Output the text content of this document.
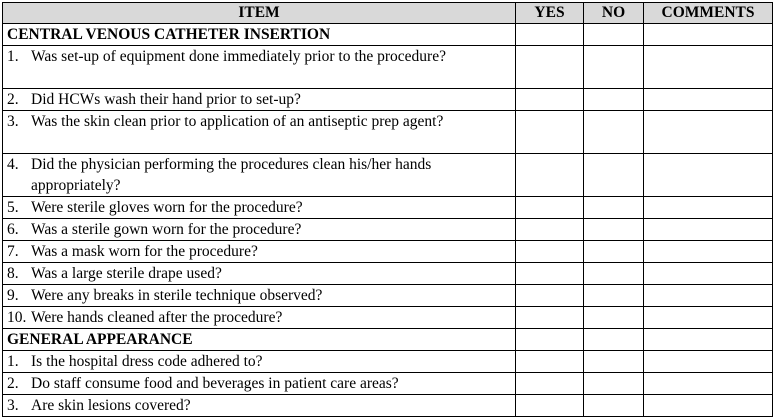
ITEM	YES	NO	COMMENTS
CENTRAL VENOUS CATHETER INSERTION			

1. Was set-up of equipment done immediately prior to the procedure?			

2. Did HCWs wash their hand prior to set-up?			

3. Was the skin clean prior to application of an antiseptic prep agent?			

4. Did the physician performing the procedures clean his/her hands appropriately?			

5. Were sterile gloves worn for the procedure?			

6. Was a sterile gown worn for the procedure?			

7. Was a mask worn for the procedure?			

8. Was a large sterile drape used?			

9. Were any breaks in sterile technique observed?			

10. Were hands cleaned after the procedure?			

GENERAL APPEARANCE			

1. Is the hospital dress code adhered to?			

2. Do staff consume food and beverages in patient care areas?			

3. Are skin lesions covered?			
